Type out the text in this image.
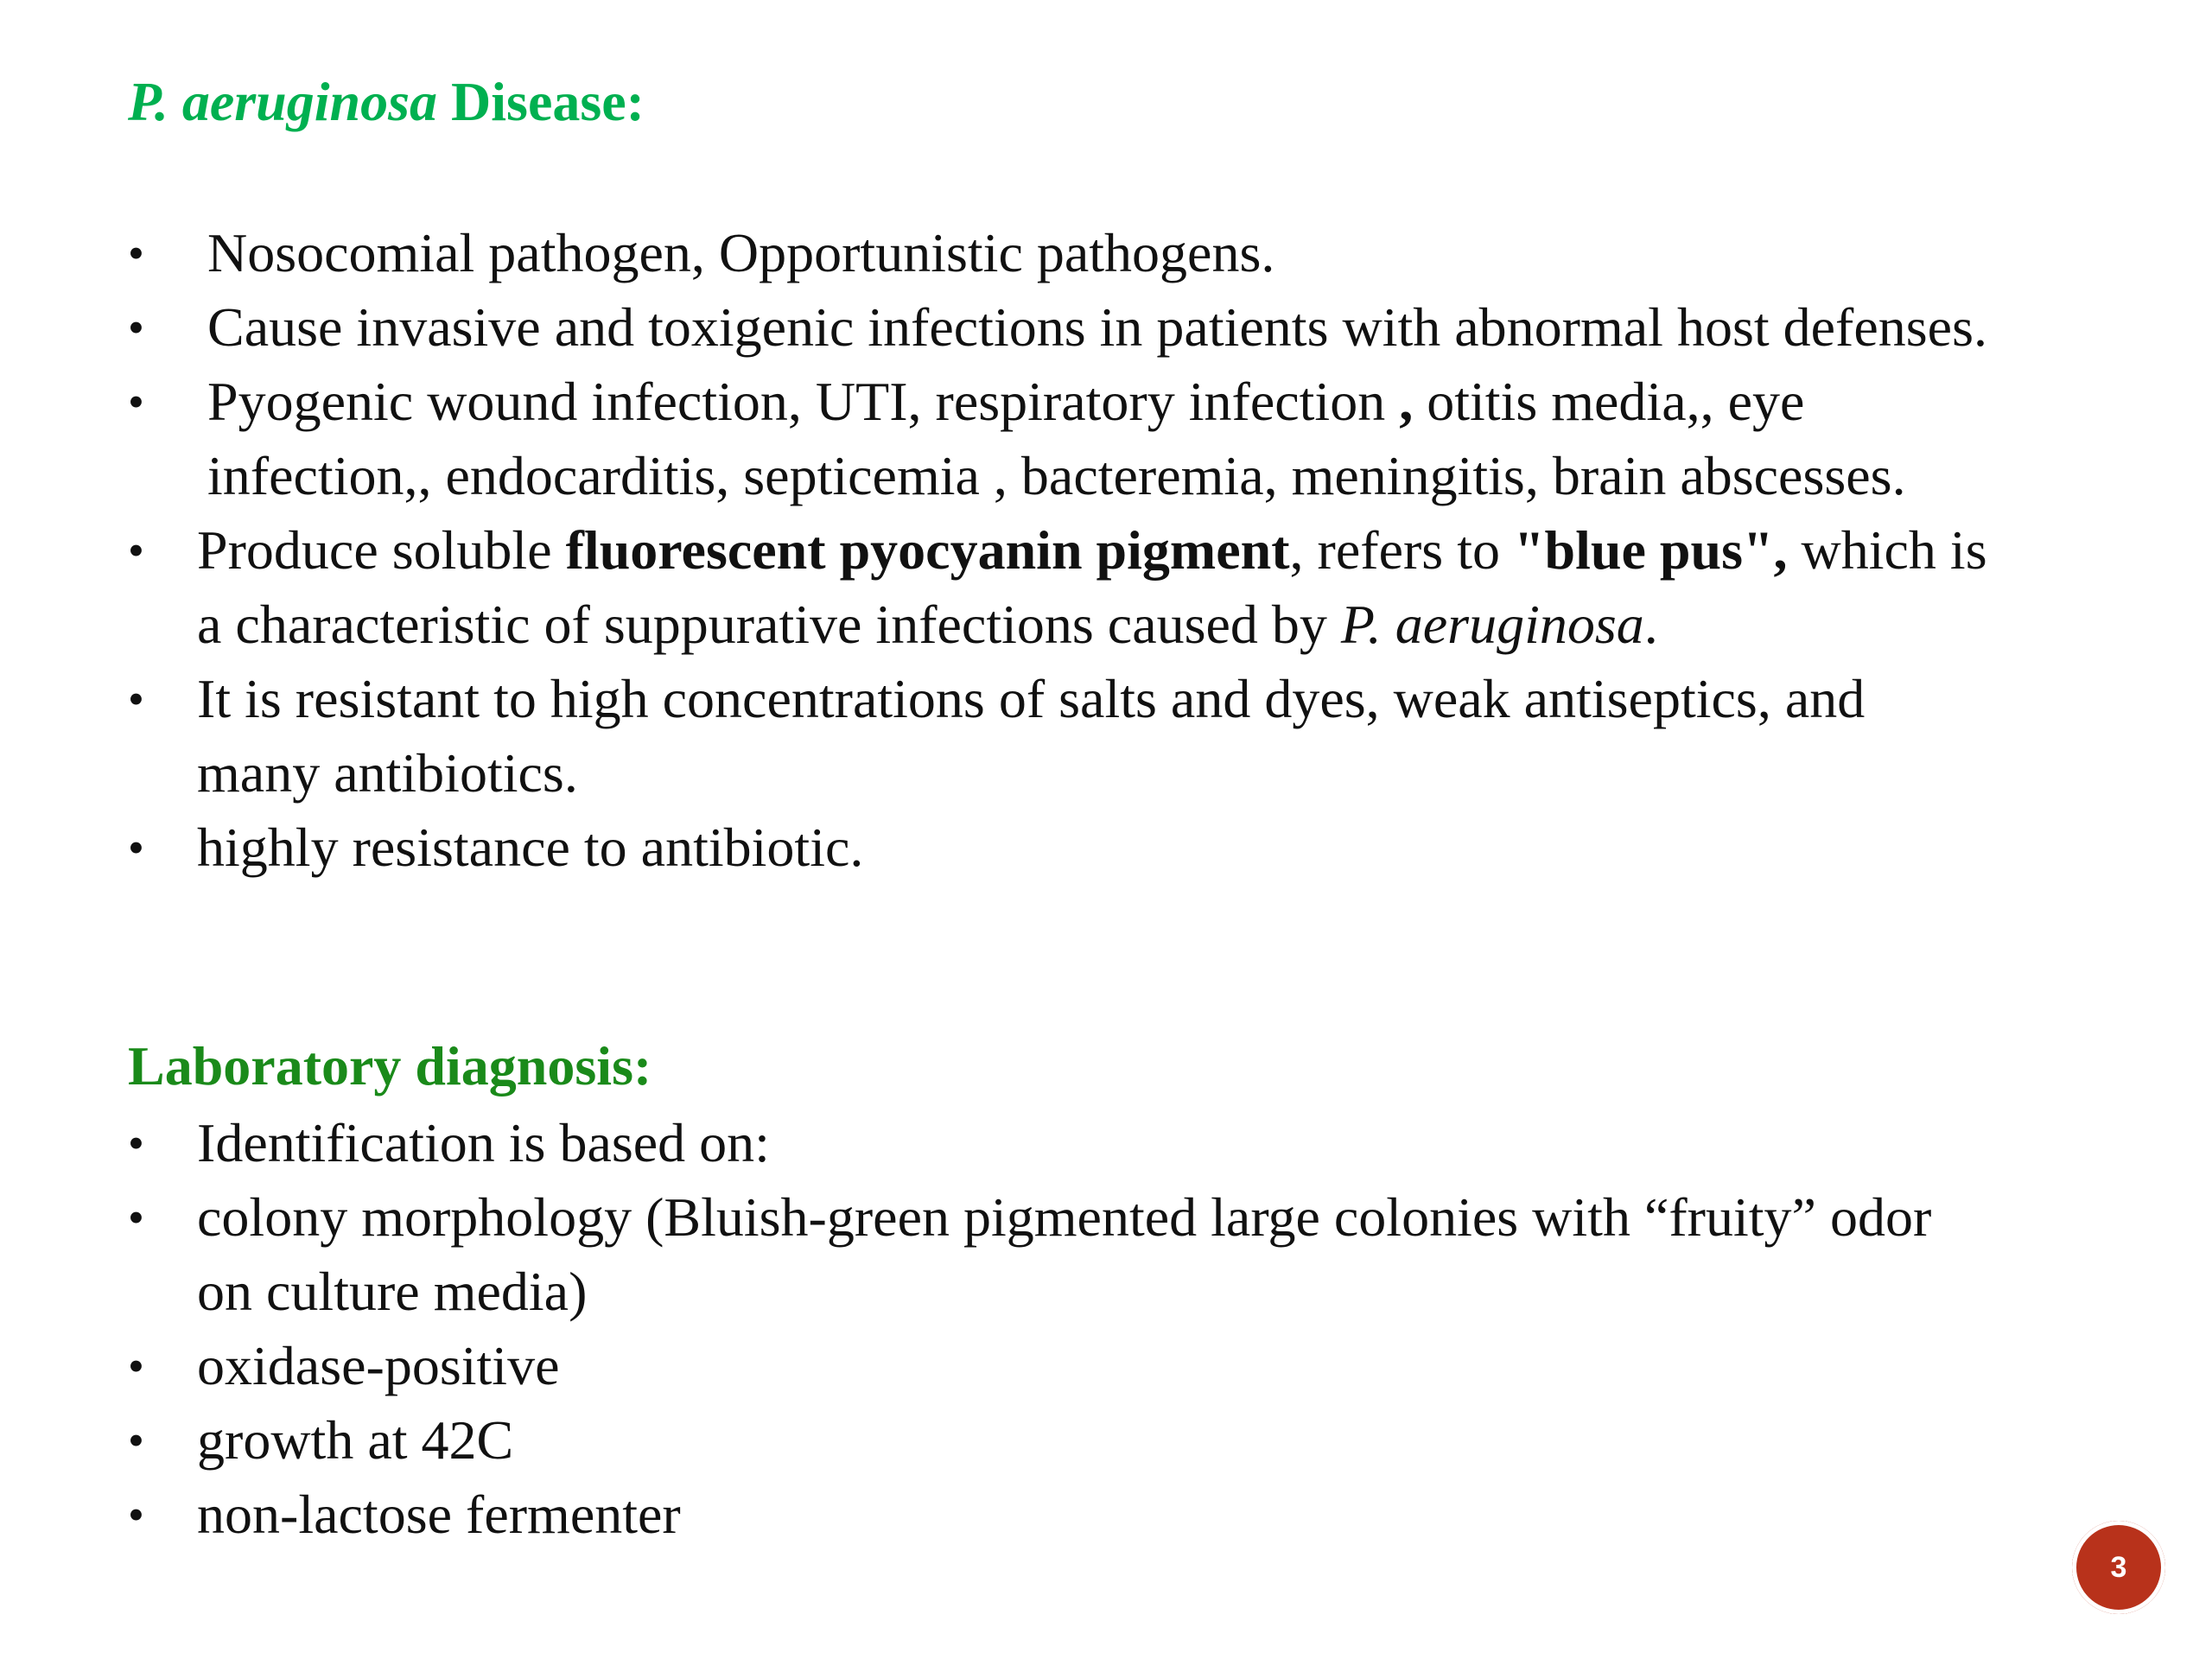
P. aeruginosa Disease:
• Nosocomial pathogen, Opportunistic pathogens.
• Cause invasive and toxigenic infections in patients with abnormal host defenses.
• Pyogenic wound infection, UTI, respiratory infection , otitis media,, eye
infection,, endocarditis, septicemia , bacteremia, meningitis, brain abscesses.
• Produce soluble fluorescent pyocyanin pigment, refers to "blue pus", which is
a characteristic of suppurative infections caused by P. aeruginosa.
• It is resistant to high concentrations of salts and dyes, weak antiseptics, and
many antibiotics.
• highly resistance to antibiotic.
Laboratory diagnosis:
• Identification is based on:
• colony morphology (Bluish-green pigmented large colonies with “fruity” odor
on culture media)
• oxidase-positive
• growth at 42C
• non-lactose fermenter
3
